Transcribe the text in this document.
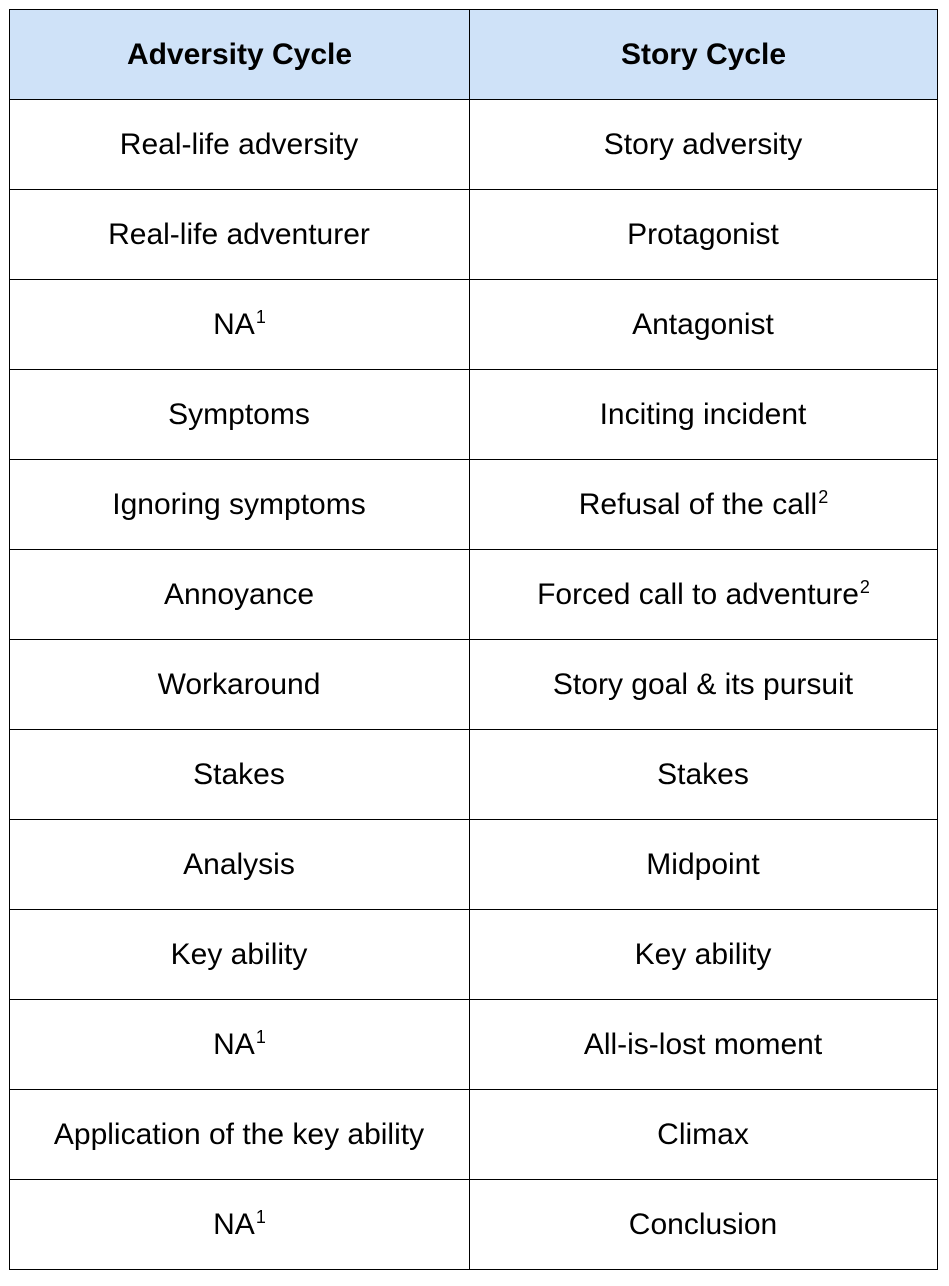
Adversity Cycle	Story Cycle
Real-life adversity	Story adversity
Real-life adventurer	Protagonist
NA$^1$	Antagonist
Symptoms	Inciting incident
Ignoring symptoms	Refusal of the call$^2$
Annoyance	Forced call to adventure$^2$
Workaround	Story goal & its pursuit
Stakes	Stakes
Analysis	Midpoint
Key ability	Key ability
NA$^1$	All-is-lost moment
Application of the key ability	Climax
NA$^1$	Conclusion
